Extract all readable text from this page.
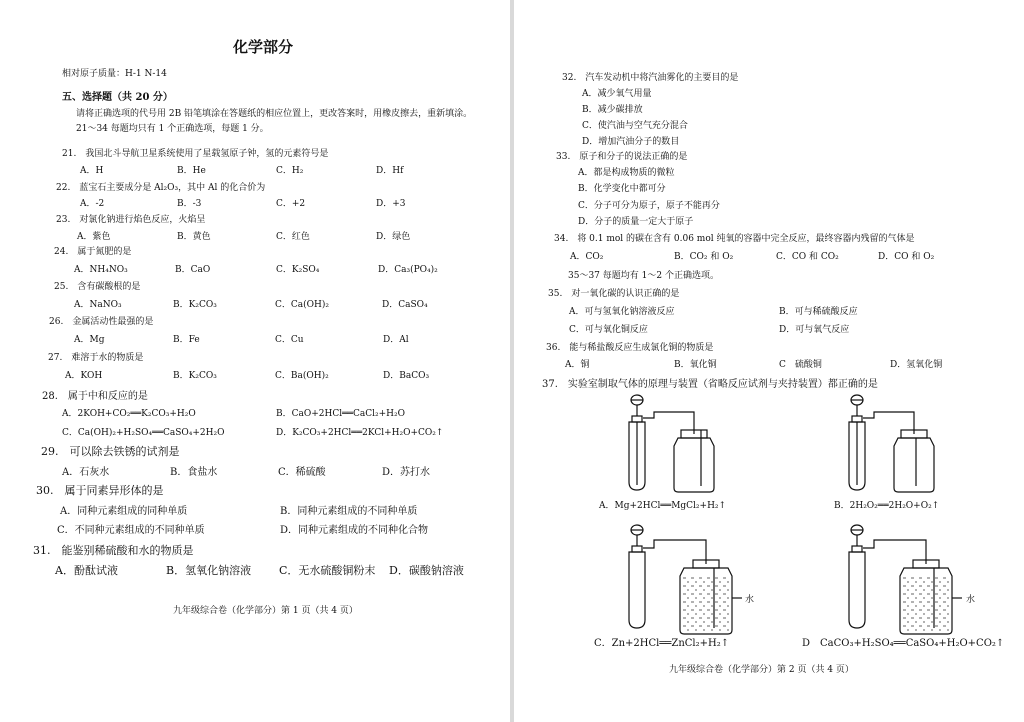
化学部分
相对原子质量：H-1 N-14
五、选择题（共 20 分）
请将正确选项的代号用 2B 铅笔填涂在答题纸的相应位置上，更改答案时，用橡皮擦去，重新填涂。
21～34 每题均只有 1 个正确选项，每题 1 分。
21.　我国北斗导航卫星系统使用了星载氢原子钟，氢的元素符号是
A．H	B．He	C．H₂	D．Hf
22.　蓝宝石主要成分是 Al₂O₃，其中 Al 的化合价为
A．-2	B．-3	C．+2	D．+3
23.　对氯化钠进行焰色反应，火焰呈
A．紫色	B．黄色	C．红色	D．绿色
24.　属于氮肥的是
A．NH₄NO₃	B．CaO	C．K₂SO₄	D．Ca₃(PO₄)₂
25.　含有碳酸根的是
A．NaNO₃	B．K₂CO₃	C．Ca(OH)₂	D．CaSO₄
26.　金属活动性最强的是
A．Mg	B．Fe	C．Cu	D．Al
27.　难溶于水的物质是
A．KOH	B．K₂CO₃	C．Ba(OH)₂	D．BaCO₃
28.　属于中和反应的是
A．2KOH+CO₂══K₂CO₃+H₂O	B．CaO+2HCl══CaCl₂+H₂O
C．Ca(OH)₂+H₂SO₄══CaSO₄+2H₂O	D．K₂CO₃+2HCl══2KCl+H₂O+CO₂↑
29.　可以除去铁锈的试剂是
A．石灰水	B．食盐水	C．稀硫酸	D．苏打水
30.　属于同素异形体的是
A．同种元素组成的同种单质	B．同种元素组成的不同种单质
C．不同种元素组成的不同种单质	D．同种元素组成的不同种化合物
31.　能鉴别稀硫酸和水的物质是
A．酚酞试液	B．氢氧化钠溶液	C．无水硫酸铜粉末 D．碳酸钠溶液
九年级综合卷（化学部分）第 1 页（共 4 页）
32.　汽车发动机中将汽油雾化的主要目的是
A．减少氧气用量
B．减少碳排放
C．使汽油与空气充分混合
D．增加汽油分子的数目
33.　原子和分子的说法正确的是
A．都是构成物质的微粒
B．化学变化中都可分
C．分子可分为原子，原子不能再分
D．分子的质量一定大于原子
34.　将 0.1 mol 的碳在含有 0.06 mol 纯氧的容器中完全反应，最终容器内残留的气体是
A．CO₂	B．CO₂ 和 O₂	C．CO 和 CO₂	D．CO 和 O₂
35～37 每题均有 1～2 个正确选项。
35.　对一氧化碳的认识正确的是
A．可与氢氧化钠溶液反应	B．可与稀硫酸反应
C．可与氧化铜反应	D．可与氧气反应
36.　能与稀盐酸反应生成氯化铜的物质是
A．铜	B．氧化铜	C　硫酸铜	D．氢氧化铜
37.　实验室制取气体的原理与装置（省略反应试剂与夹持装置）都正确的是
A．Mg+2HCl══MgCl₂+H₂↑	B．2H₂O₂══2H₂O+O₂↑
水
C．Zn+2HCl══ZnCl₂+H₂↑
水
D　CaCO₃+H₂SO₄══CaSO₄+H₂O+CO₂↑
九年级综合卷（化学部分）第 2 页（共 4 页）
